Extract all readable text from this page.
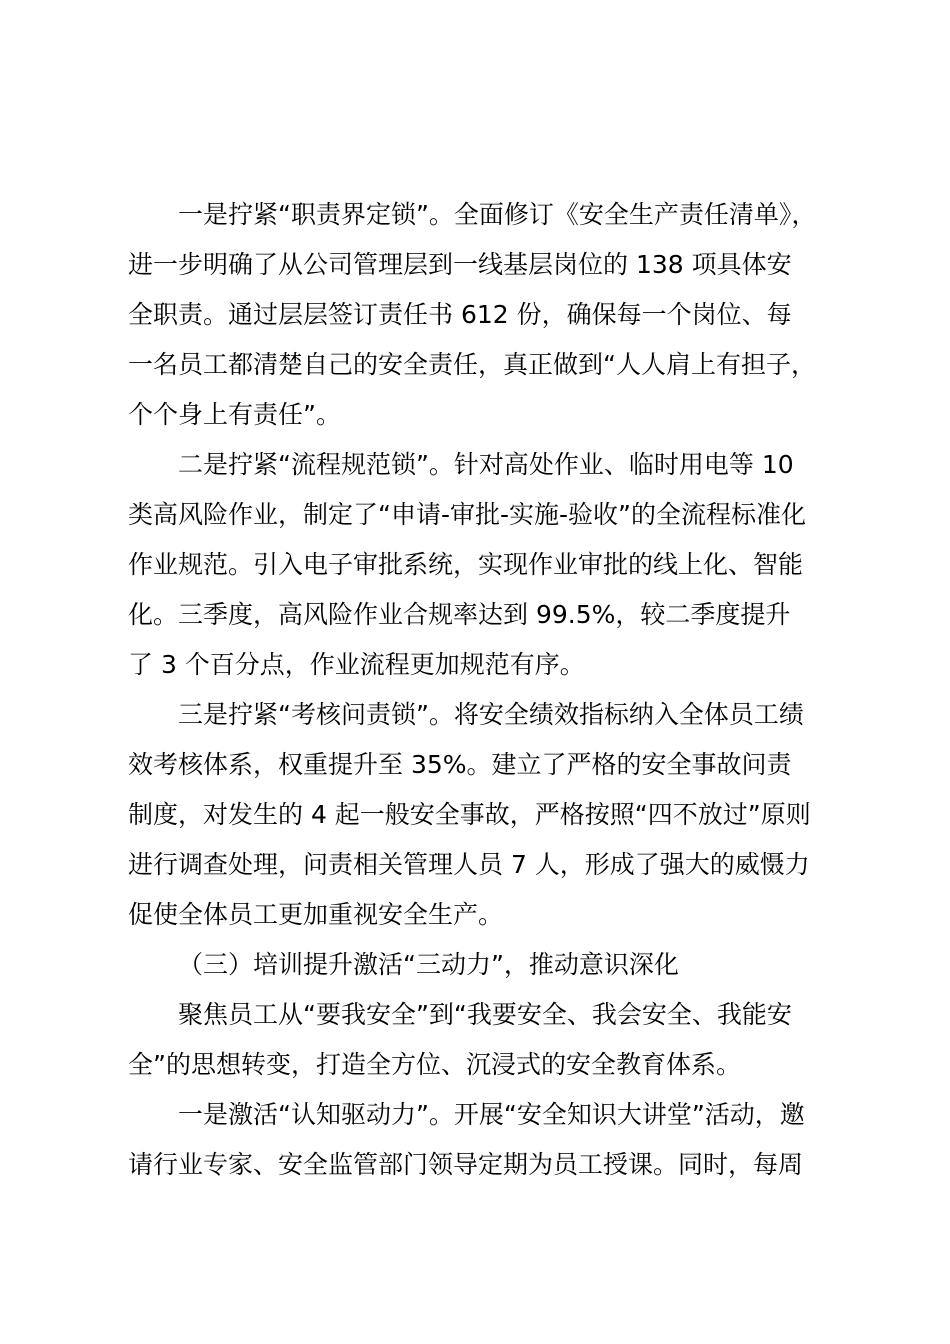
一是拧紧“职责界定锁”。全面修订《安全生产责任清单》，
进一步明确了从公司管理层到一线基层岗位的 138 项具体安
全职责。通过层层签订责任书 612 份，确保每一个岗位、每
一名员工都清楚自己的安全责任，真正做到“人人肩上有担子，
个个身上有责任”。
二是拧紧“流程规范锁”。针对高处作业、临时用电等 10
类高风险作业，制定了“申请-审批-实施-验收”的全流程标准化
作业规范。引入电子审批系统，实现作业审批的线上化、智能
化。三季度，高风险作业合规率达到 99.5%，较二季度提升
了 3 个百分点，作业流程更加规范有序。
三是拧紧“考核问责锁”。将安全绩效指标纳入全体员工绩
效考核体系，权重提升至 35%。建立了严格的安全事故问责
制度，对发生的 4 起一般安全事故，严格按照“四不放过”原则
进行调查处理，问责相关管理人员 7 人，形成了强大的威慑力
促使全体员工更加重视安全生产。
（三）培训提升激活“三动力”，推动意识深化
聚焦员工从“要我安全”到“我要安全、我会安全、我能安
全”的思想转变，打造全方位、沉浸式的安全教育体系。
一是激活“认知驱动力”。开展“安全知识大讲堂”活动，邀
请行业专家、安全监管部门领导定期为员工授课。同时，每周
